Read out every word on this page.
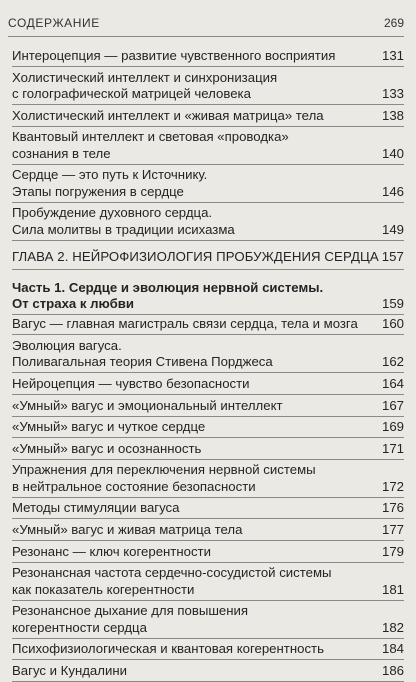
СОДЕРЖАНИЕ	269
Интероцепция — развитие чувственного восприятия	131
Холистический интеллект и синхронизация
с голографической матрицей человека	133
Холистический интеллект и «живая матрица» тела	138
Квантовый интеллект и световая «проводка»
сознания в теле	140
Сердце — это путь к Источнику.
Этапы погружения в сердце	146
Пробуждение духовного сердца.
Сила молитвы в традиции исихазма	149
ГЛАВА 2. НЕЙРОФИЗИОЛОГИЯ ПРОБУЖДЕНИЯ СЕРДЦА 157
Часть 1. Сердце и эволюция нервной системы.
От страха к любви	159
Вагус — главная магистраль связи сердца, тела и мозга 160
Эволюция вагуса.
Поливагальная теория Стивена Порджеса	162
Нейроцепция — чувство безопасности	164
«Умный» вагус и эмоциональный интеллект	167
«Умный» вагус и чуткое сердце	169
«Умный» вагус и осознанность	171
Упражнения для переключения нервной системы
в нейтральное состояние безопасности	172
Методы стимуляции вагуса	176
«Умный» вагус и живая матрица тела	177
Резонанс — ключ когерентности	179
Резонансная частота сердечно-сосудистой системы
как показатель когерентности	181
Резонансное дыхание для повышения
когерентности сердца	182
Психофизиологическая и квантовая когерентность	184
Вагус и Кундалини	186
